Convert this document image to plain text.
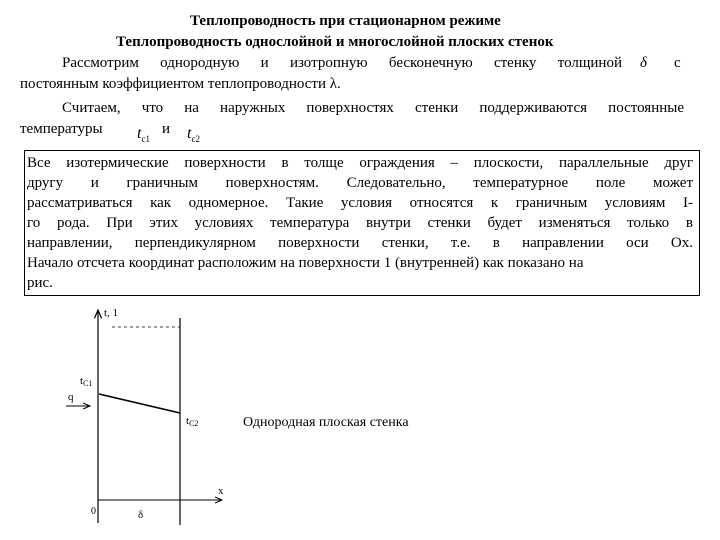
Теплопроводность при стационарном режиме
Теплопроводность однослойной и многослойной плоских стенок
Рассмотрим однородную и изотропную бесконечную стенку толщиной δ с
постоянным коэффициентом теплопроводности λ.
Считаем, что на наружных поверхностях стенки поддерживаются постоянные
температуры $t_{c1}$
и $t_{c2}$
Все изотермические поверхности в толще ограждения – плоскости, параллельные друг
другу и граничным поверхностям. Следовательно, температурное поле может
рассматриваться как одномерное. Такие условия относятся к граничным условиям I-
го рода. При этих условиях температура внутри стенки будет изменяться только в
направлении, перпендикулярном поверхности стенки, т.е. в направлении оси Ох.
Начало отсчета координат расположим на поверхности 1 (внутренней) как показано на
рис.
t, 1
tC1
q
tC2
0
x
δ
Однородная плоская стенка
